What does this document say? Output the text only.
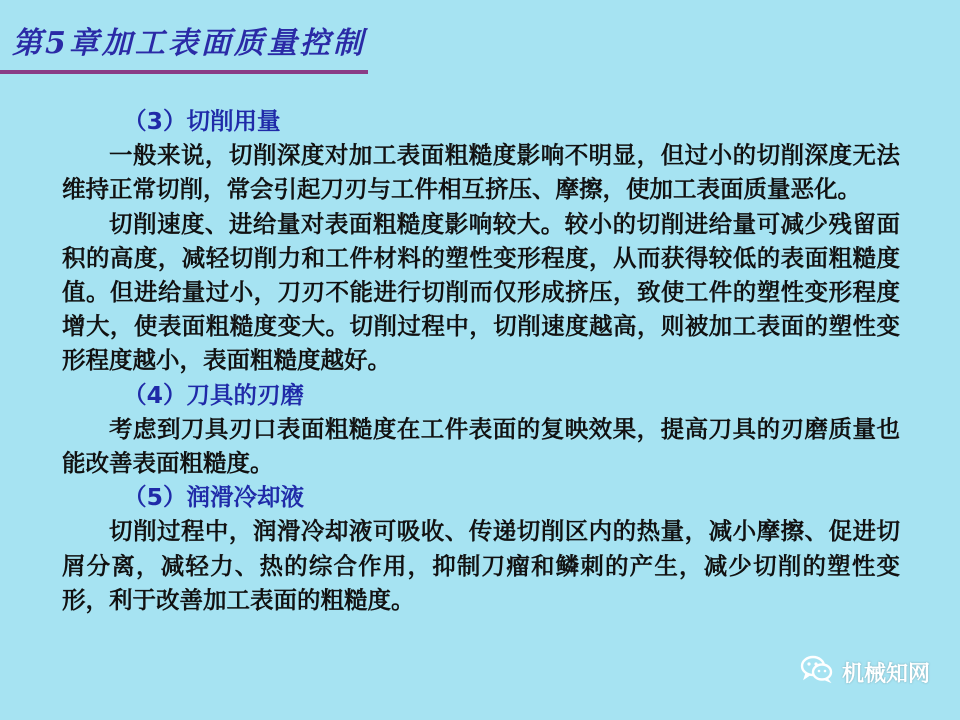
第5章加工表面质量控制
（3）切削用量

一般来说，切削深度对加工表面粗糙度影响不明显，但过小的切削深度无法维持正常切削，常会引起刀刃与工件相互挤压、摩擦，使加工表面质量恶化。

切削速度、进给量对表面粗糙度影响较大。较小的切削进给量可减少残留面积的高度，减轻切削力和工件材料的塑性变形程度，从而获得较低的表面粗糙度值。但进给量过小，刀刃不能进行切削而仅形成挤压，致使工件的塑性变形程度增大，使表面粗糙度变大。切削过程中，切削速度越高，则被加工表面的塑性变形程度越小，表面粗糙度越好。

（4）刀具的刃磨

考虑到刀具刃口表面粗糙度在工件表面的复映效果，提高刀具的刃磨质量也能改善表面粗糙度。

（5）润滑冷却液

切削过程中，润滑冷却液可吸收、传递切削区内的热量，减小摩擦、促进切屑分离，减轻力、热的综合作用，抑制刀瘤和鳞刺的产生，减少切削的塑性变形，利于改善加工表面的粗糙度。

机械知网
